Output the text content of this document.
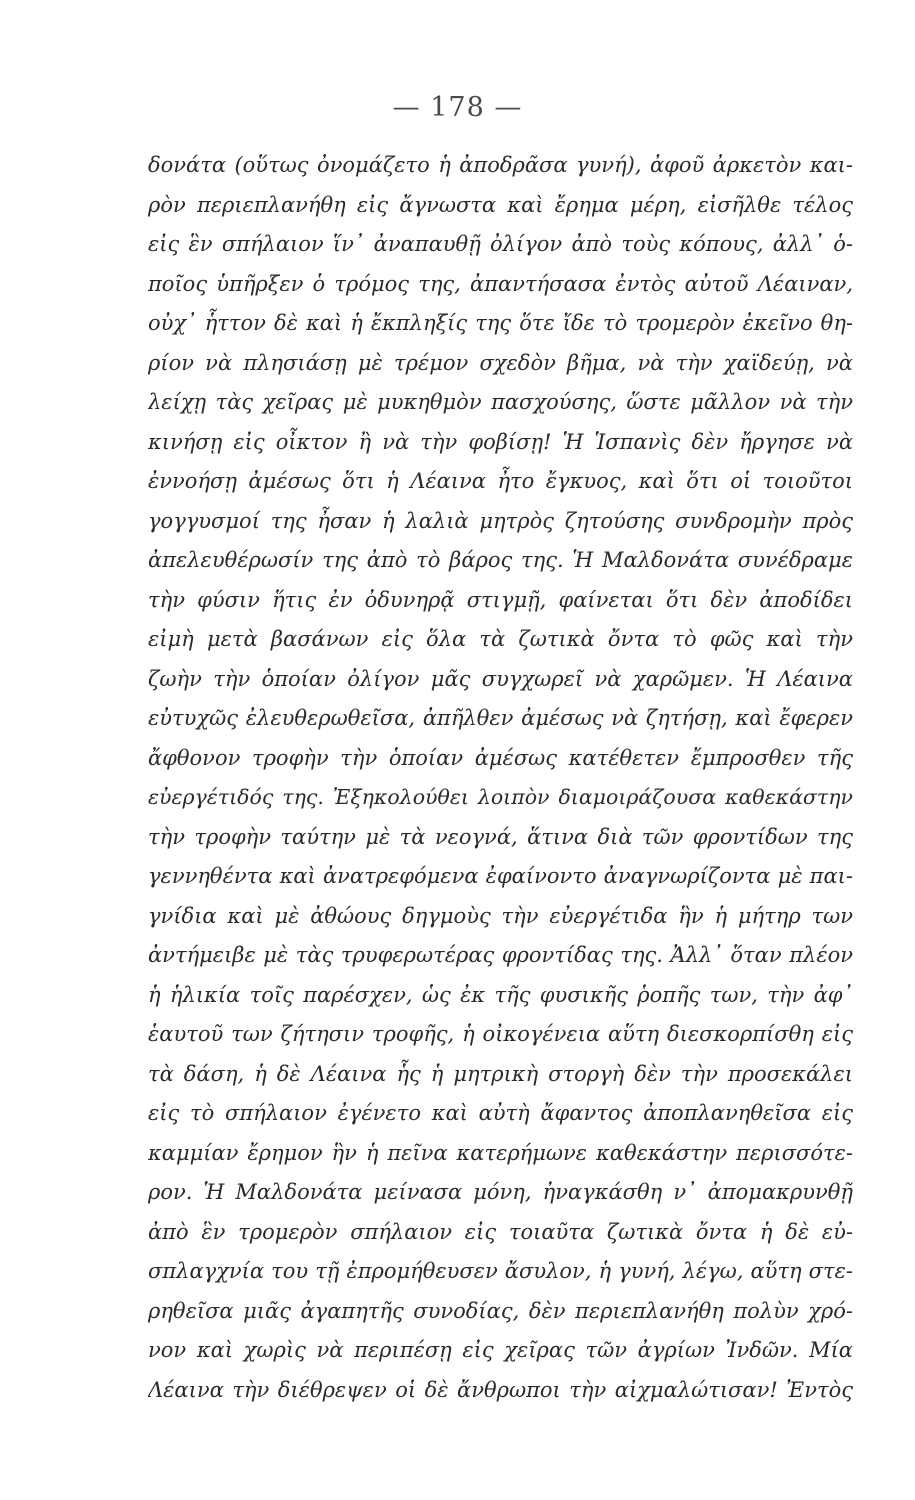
— 178 —
δονάτα (οὕτως ὀνομάζετο ἡ ἀποδρᾶσα γυνή), ἀφοῦ ἀρκετὸν και-
ρὸν περιεπλανήθη εἰς ἄγνωστα καὶ ἔρημα μέρη, εἰσῆλθε τέλος
εἰς ἓν σπήλαιον ἵν᾽ ἀναπαυθῇ ὀλίγον ἀπὸ τοὺς κόπους, ἀλλ᾽ ὁ-
ποῖος ὑπῆρξεν ὁ τρόμος της, ἀπαντήσασα ἐντὸς αὐτοῦ Λέαιναν,
οὐχ᾽ ἧττον δὲ καὶ ἡ ἔκπληξίς της ὅτε ἴδε τὸ τρομερὸν ἐκεῖνο θη-
ρίον νὰ πλησιάσῃ μὲ τρέμον σχεδὸν βῆμα, νὰ τὴν χαϊδεύῃ, νὰ
λείχῃ τὰς χεῖρας μὲ μυκηθμὸν πασχούσης, ὥστε μᾶλλον νὰ τὴν
κινήσῃ εἰς οἶκτον ἢ νὰ τὴν φοβίσῃ! Ἡ Ἱσπανὶς δὲν ἤργησε νὰ
ἐννοήσῃ ἀμέσως ὅτι ἡ Λέαινα ἦτο ἔγκυος, καὶ ὅτι οἱ τοιοῦτοι
γογγυσμοί της ἦσαν ἡ λαλιὰ μητρὸς ζητούσης συνδρομὴν πρὸς
ἀπελευθέρωσίν της ἀπὸ τὸ βάρος της. Ἡ Μαλδονάτα συνέδραμε
τὴν φύσιν ἥτις ἐν ὀδυνηρᾷ στιγμῇ, φαίνεται ὅτι δὲν ἀποδίδει
εἰμὴ μετὰ βασάνων εἰς ὅλα τὰ ζωτικὰ ὄντα τὸ φῶς καὶ τὴν
ζωὴν τὴν ὁποίαν ὀλίγον μᾶς συγχωρεῖ νὰ χαρῶμεν. Ἡ Λέαινα
εὐτυχῶς ἐλευθερωθεῖσα, ἀπῆλθεν ἀμέσως νὰ ζητήσῃ, καὶ ἔφερεν
ἄφθονον τροφὴν τὴν ὁποίαν ἀμέσως κατέθετεν ἔμπροσθεν τῆς
εὐεργέτιδός της. Ἐξηκολούθει λοιπὸν διαμοιράζουσα καθεκάστην
τὴν τροφὴν ταύτην μὲ τὰ νεογνά, ἅτινα διὰ τῶν φροντίδων της
γεννηθέντα καὶ ἀνατρεφόμενα ἐφαίνοντο ἀναγνωρίζοντα μὲ παι-
γνίδια καὶ μὲ ἀθώους δηγμοὺς τὴν εὐεργέτιδα ἣν ἡ μήτηρ των
ἀντήμειβε μὲ τὰς τρυφερωτέρας φροντίδας της. Ἀλλ᾽ ὅταν πλέον
ἡ ἡλικία τοῖς παρέσχεν, ὡς ἐκ τῆς φυσικῆς ῥοπῆς των, τὴν ἀφ᾽
ἑαυτοῦ των ζήτησιν τροφῆς, ἡ οἰκογένεια αὕτη διεσκορπίσθη εἰς
τὰ δάση, ἡ δὲ Λέαινα ἧς ἡ μητρικὴ στοργὴ δὲν τὴν προσεκάλει
εἰς τὸ σπήλαιον ἐγένετο καὶ αὐτὴ ἄφαντος ἀποπλανηθεῖσα εἰς
καμμίαν ἔρημον ἣν ἡ πεῖνα κατερήμωνε καθεκάστην περισσότε-
ρον. Ἡ Μαλδονάτα μείνασα μόνη, ἠναγκάσθη ν᾽ ἀπομακρυνθῇ
ἀπὸ ἓν τρομερὸν σπήλαιον εἰς τοιαῦτα ζωτικὰ ὄντα ἡ δὲ εὐ-
σπλαγχνία του τῇ ἐπρομήθευσεν ἄσυλον, ἡ γυνή, λέγω, αὕτη στε-
ρηθεῖσα μιᾶς ἀγαπητῆς συνοδίας, δὲν περιεπλανήθη πολὺν χρό-
νον καὶ χωρὶς νὰ περιπέσῃ εἰς χεῖρας τῶν ἀγρίων Ἰνδῶν. Μία
Λέαινα τὴν διέθρεψεν οἱ δὲ ἄνθρωποι τὴν αἰχμαλώτισαν! Ἐντὸς
